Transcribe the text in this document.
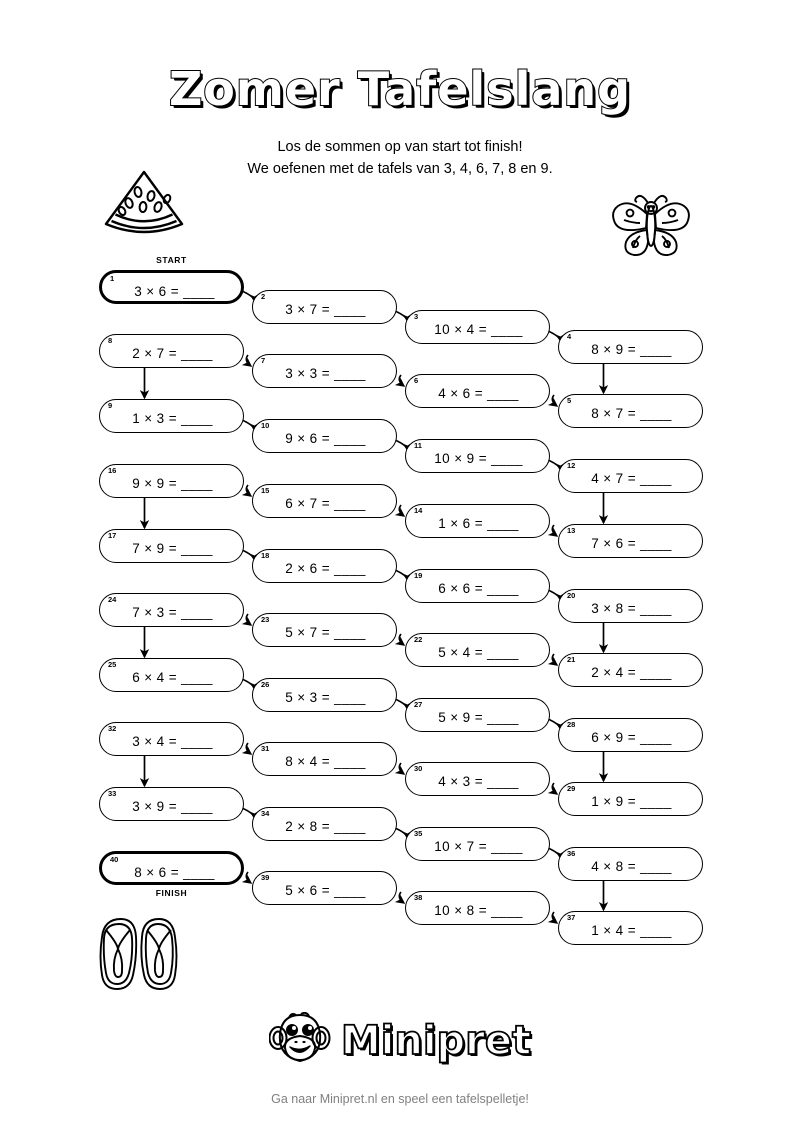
Zomer Tafelslang
Los de sommen op van start tot finish!
We oefenen met de tafels van 3, 4, 6, 7, 8 en 9.
1
3 × 6 = ____	2
3 × 7 = ____	3
10 × 4 = ____	4
8 × 9 = ____
5
8 × 7 = ____
6
4 × 6 = ____
7
3 × 3 = ____
8
2 × 7 = ____
9
1 × 3 = ____	10
9 × 6 = ____	11
10 × 9 = ____	12
4 × 7 = ____
13
7 × 6 = ____
14
1 × 6 = ____
15
6 × 7 = ____
16
9 × 9 = ____
17
7 × 9 = ____	18
2 × 6 = ____	19
6 × 6 = ____	20
3 × 8 = ____
21
2 × 4 = ____
22
5 × 4 = ____
23
5 × 7 = ____
24
7 × 3 = ____
25
6 × 4 = ____	26
5 × 3 = ____	27
5 × 9 = ____	28
6 × 9 = ____
29
1 × 9 = ____
30
4 × 3 = ____
31
8 × 4 = ____
32
3 × 4 = ____
33
3 × 9 = ____	34
2 × 8 = ____	35
10 × 7 = ____	36
4 × 8 = ____
37
1 × 4 = ____
38
10 × 8 = ____
39
5 × 6 = ____
40
8 × 6 = ____
START
FINISH
Minipret
Ga naar Minipret.nl en speel een tafelspelletje!
